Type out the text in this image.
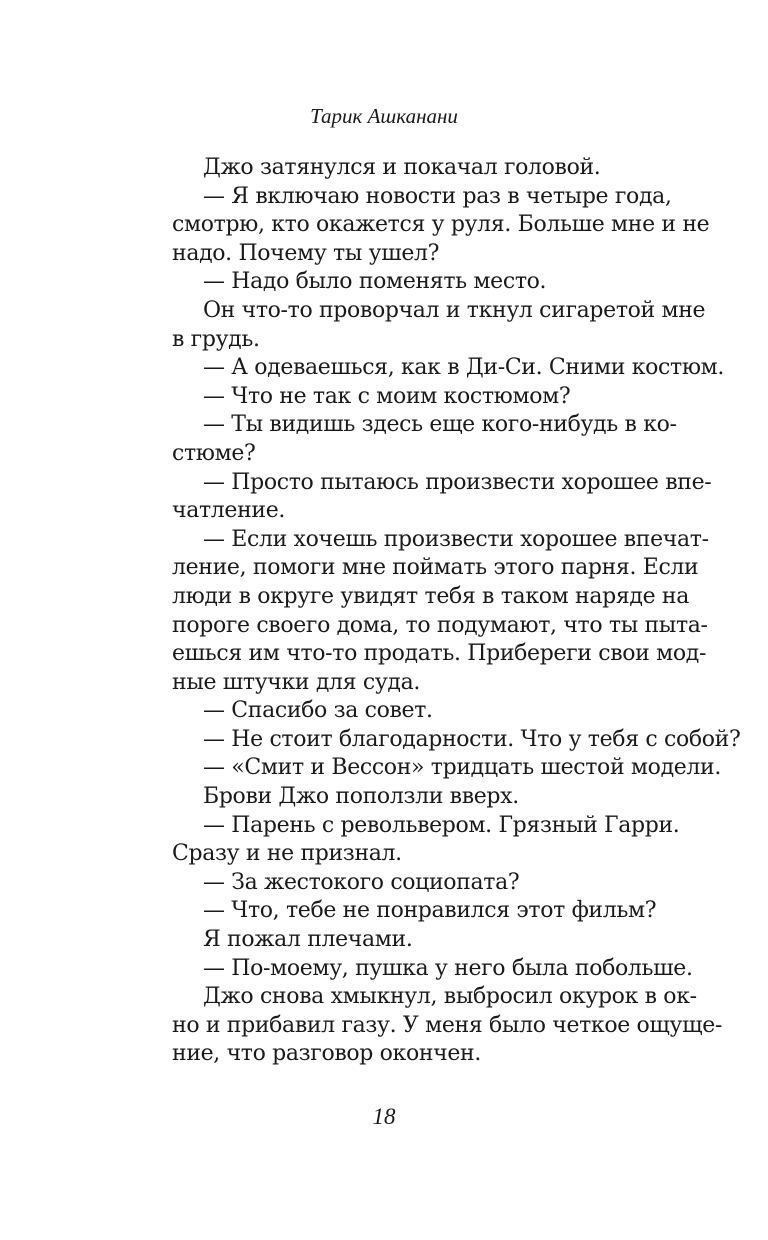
Тарик Ашканани
Джо затянулся и покачал головой.
— Я включаю новости раз в четыре года,
смотрю, кто окажется у руля. Больше мне и не
надо. Почему ты ушел?
— Надо было поменять место.
Он что-то проворчал и ткнул сигаретой мне
в грудь.
— А одеваешься, как в Ди-Си. Сними костюм.
— Что не так с моим костюмом?
— Ты видишь здесь еще кого-нибудь в ко-
стюме?
— Просто пытаюсь произвести хорошее впе-
чатление.
— Если хочешь произвести хорошее впечат-
ление, помоги мне поймать этого парня. Если
люди в округе увидят тебя в таком наряде на
пороге своего дома, то подумают, что ты пыта-
ешься им что-то продать. Прибереги свои мод-
ные штучки для суда.
— Спасибо за совет.
— Не стоит благодарности. Что у тебя с собой?
— «Смит и Вессон» тридцать шестой модели.
Брови Джо поползли вверх.
— Парень с револьвером. Грязный Гарри.
Сразу и не признал.
— За жестокого социопата?
— Что, тебе не понравился этот фильм?
Я пожал плечами.
— По-моему, пушка у него была побольше.
Джо снова хмыкнул, выбросил окурок в ок-
но и прибавил газу. У меня было четкое ощуще-
ние, что разговор окончен.
18
